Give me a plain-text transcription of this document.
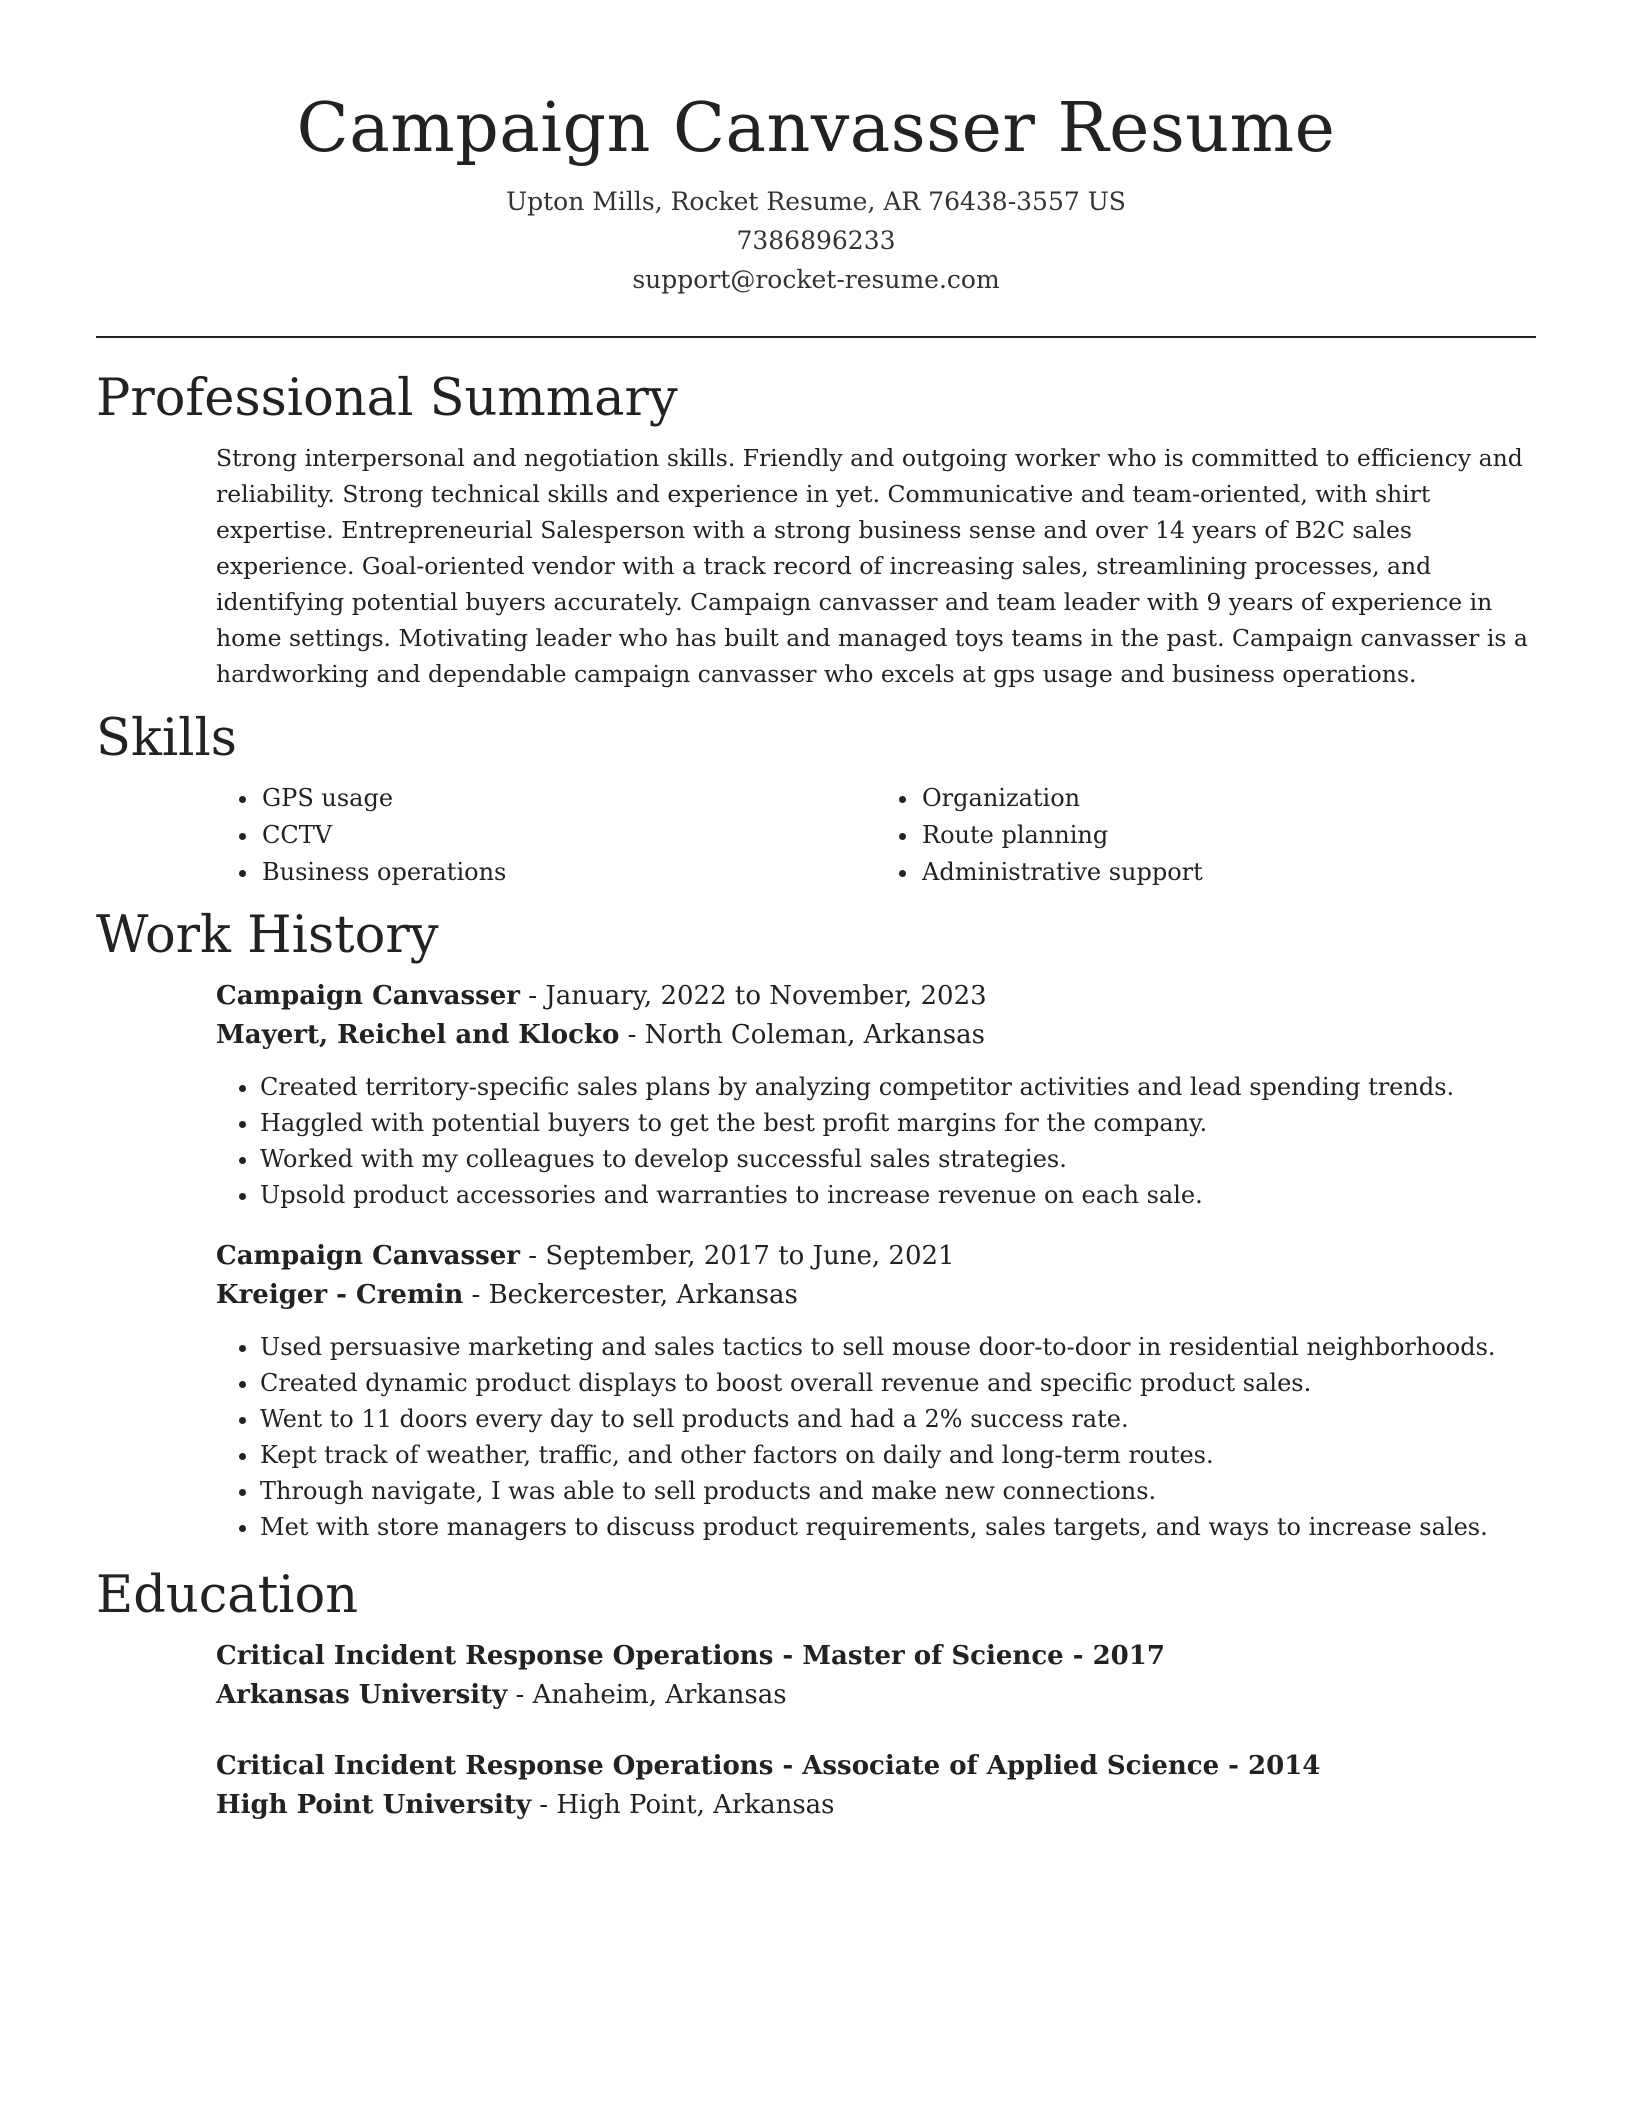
Campaign Canvasser Resume
Upton Mills, Rocket Resume, AR 76438-3557 US
7386896233
support@rocket-resume.com
Professional Summary

Strong interpersonal and negotiation skills. Friendly and outgoing worker who is committed to efficiency and reliability. Strong technical skills and experience in yet. Communicative and team-oriented, with shirt expertise. Entrepreneurial Salesperson with a strong business sense and over 14 years of B2C sales experience. Goal-oriented vendor with a track record of increasing sales, streamlining processes, and identifying potential buyers accurately. Campaign canvasser and team leader with 9 years of experience in home settings. Motivating leader who has built and managed toys teams in the past. Campaign canvasser is a hardworking and dependable campaign canvasser who excels at gps usage and business operations.

Skills
• GPS usage
• CCTV
• Business operations
• Organization
• Route planning
• Administrative support
Work History

Campaign Canvasser - January, 2022 to November, 2023

Mayert, Reichel and Klocko - North Coleman, Arkansas

• Created territory-specific sales plans by analyzing competitor activities and lead spending trends.
• Haggled with potential buyers to get the best profit margins for the company.
• Worked with my colleagues to develop successful sales strategies.
• Upsold product accessories and warranties to increase revenue on each sale.

Campaign Canvasser - September, 2017 to June, 2021

Kreiger - Cremin - Beckercester, Arkansas

• Used persuasive marketing and sales tactics to sell mouse door-to-door in residential neighborhoods.
• Created dynamic product displays to boost overall revenue and specific product sales.
• Went to 11 doors every day to sell products and had a 2% success rate.
• Kept track of weather, traffic, and other factors on daily and long-term routes.
• Through navigate, I was able to sell products and make new connections.
• Met with store managers to discuss product requirements, sales targets, and ways to increase sales.
Education

Critical Incident Response Operations - Master of Science - 2017

Arkansas University - Anaheim, Arkansas

Critical Incident Response Operations - Associate of Applied Science - 2014

High Point University - High Point, Arkansas
